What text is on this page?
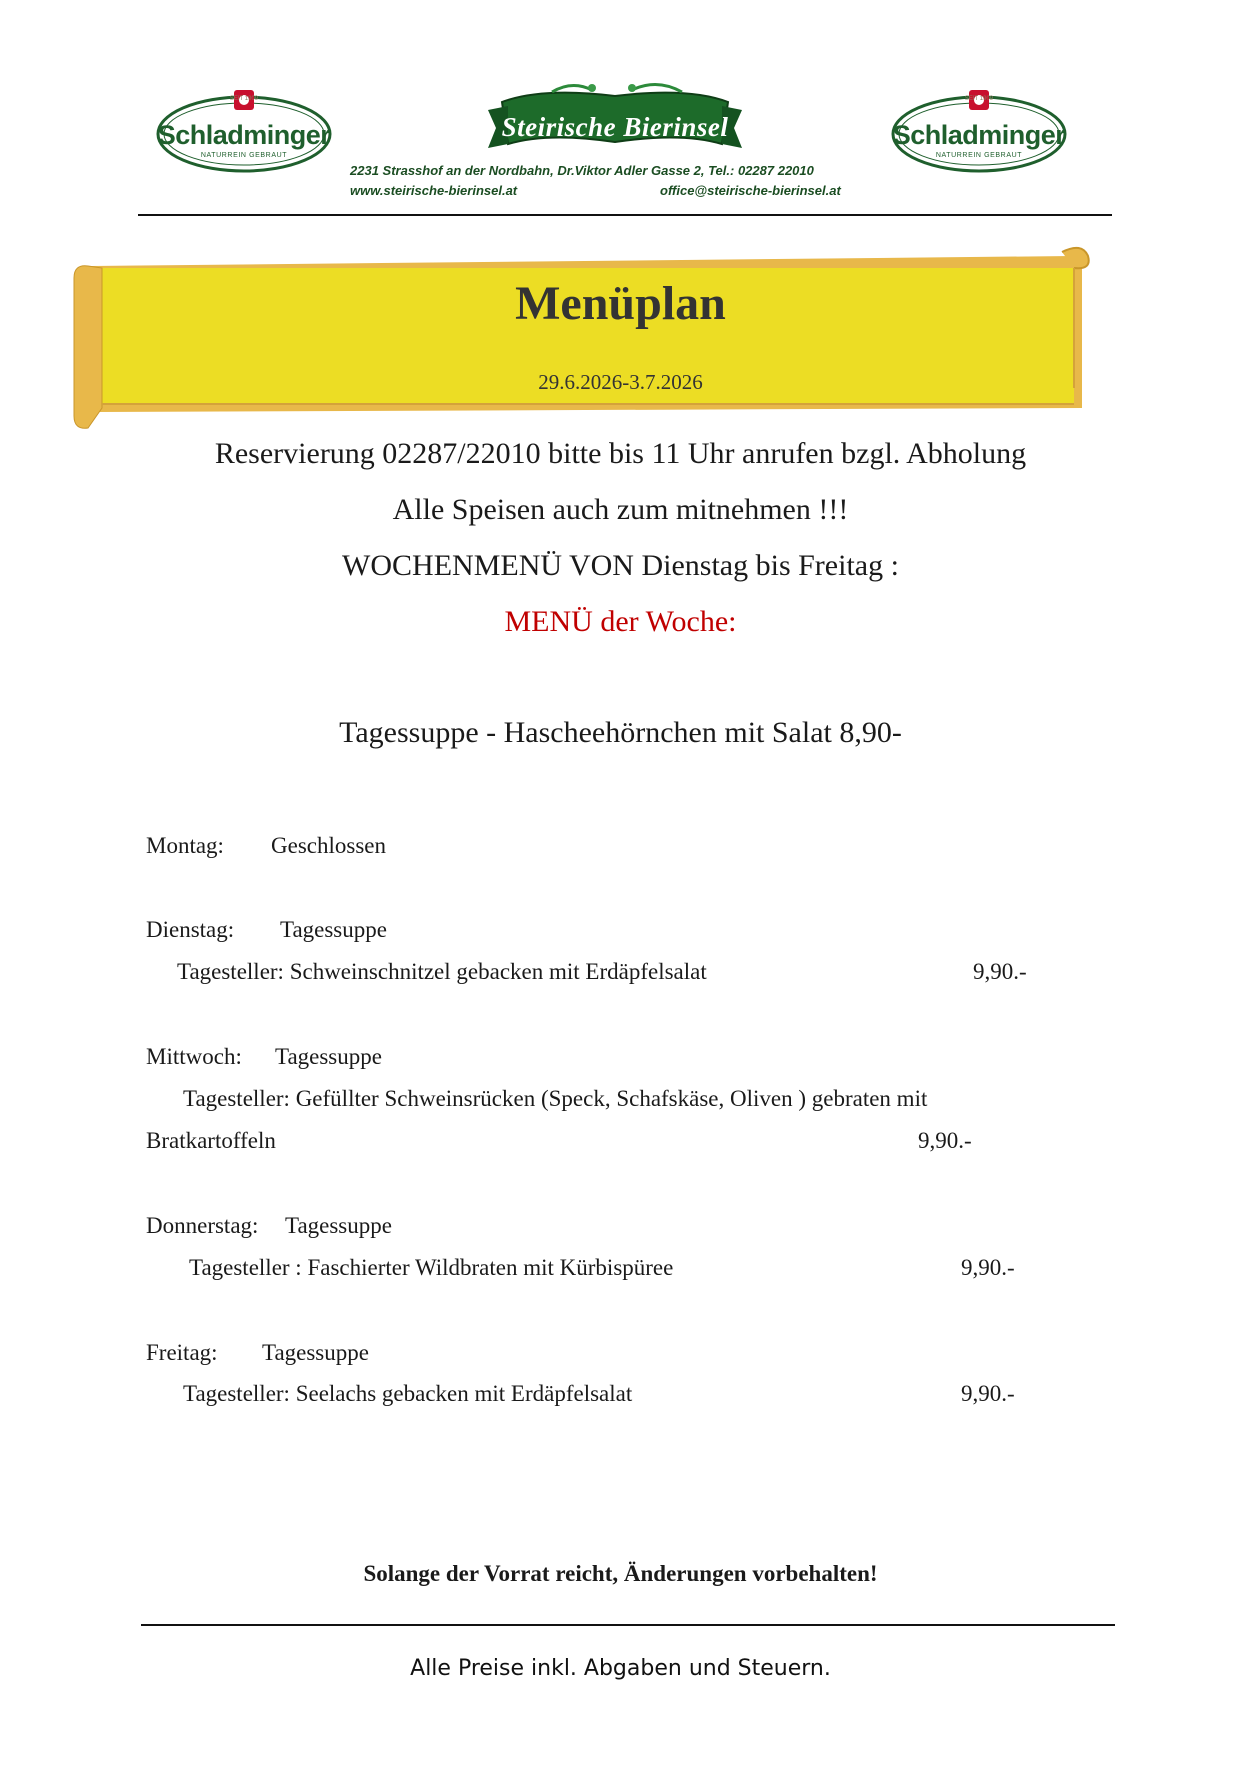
SEIT 1909
Schladminger
NATURREIN GEBRAUT
Steirische Bierinsel
SEIT 1909
Schladminger
NATURREIN GEBRAUT
2231 Strasshof an der Nordbahn, Dr.Viktor Adler Gasse 2, Tel.: 02287 22010
www.steirische-bierinsel.at	office@steirische-bierinsel.at
Menüplan
29.6.2026-3.7.2026
Reservierung 02287/22010 bitte bis 11 Uhr anrufen bzgl. Abholung
Alle Speisen auch zum mitnehmen !!!
WOCHENMENÜ VON Dienstag bis Freitag :
MENÜ der Woche:
Tagessuppe - Hascheehörnchen mit Salat 8,90-
Montag: Geschlossen
Dienstag: Tagessuppe
Tagesteller: Schweinschnitzel gebacken mit Erdäpfelsalat	9,90.-
Mittwoch: Tagessuppe
Tagesteller: Gefüllter Schweinsrücken (Speck, Schafskäse, Oliven ) gebraten mit
Bratkartoffeln	9,90.-
Donnerstag: Tagessuppe
Tagesteller : Faschierter Wildbraten mit Kürbispüree	9,90.-
Freitag: Tagessuppe
Tagesteller: Seelachs gebacken mit Erdäpfelsalat	9,90.-
Solange der Vorrat reicht, Änderungen vorbehalten!
Alle Preise inkl. Abgaben und Steuern.
